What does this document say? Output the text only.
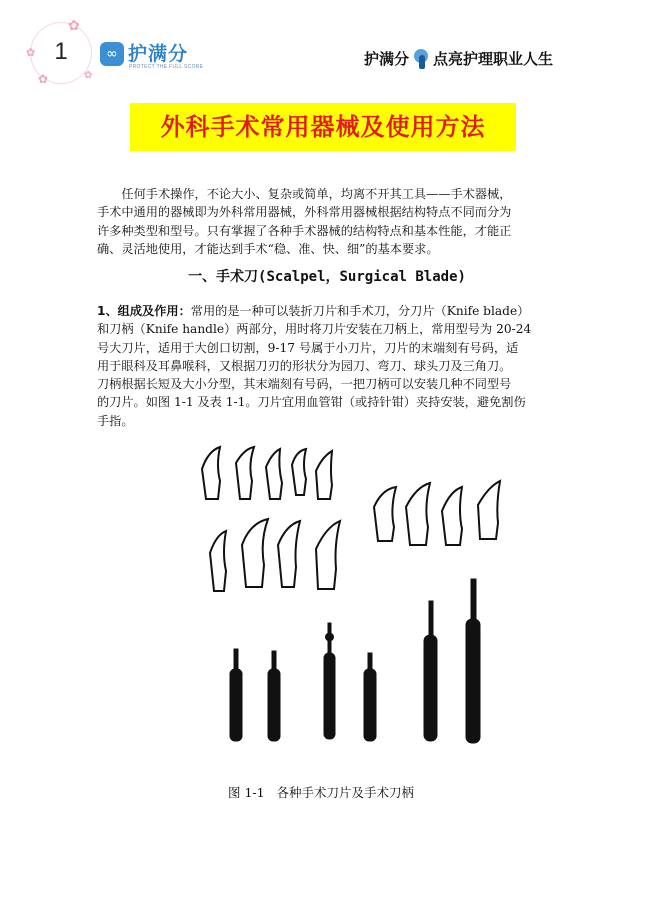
1
✿
✿
✿	✿
∞ 护满分
PROTECT THE FULL SCORE	护满分 点亮护理职业人生
外科手术常用器械及使用方法

任何手术操作，不论大小、复杂或简单，均离不开其工具——手术器械，
手术中通用的器械即为外科常用器械，外科常用器械根据结构特点不同而分为
许多种类型和型号。只有掌握了各种手术器械的结构特点和基本性能，才能正
确、灵活地使用，才能达到手术“稳、准、快、细”的基本要求。

一、手术刀(Scalpel，Surgical Blade)

1、组成及作用：常用的是一种可以装折刀片和手术刀，分刀片（Knife blade）
和刀柄（Knife handle）两部分，用时将刀片安装在刀柄上，常用型号为 20-24
号大刀片，适用于大创口切割，9-17 号属于小刀片，刀片的末端刻有号码，适
用于眼科及耳鼻喉科，又根据刀刃的形状分为园刀、弯刀、球头刀及三角刀。
刀柄根据长短及大小分型，其末端刻有号码，一把刀柄可以安装几种不同型号
的刀片。如图 1-1 及表 1-1。刀片宜用血管钳（或持针钳）夹持安装，避免割伤
手指。

图 1-1   各种手术刀片及手术刀柄
